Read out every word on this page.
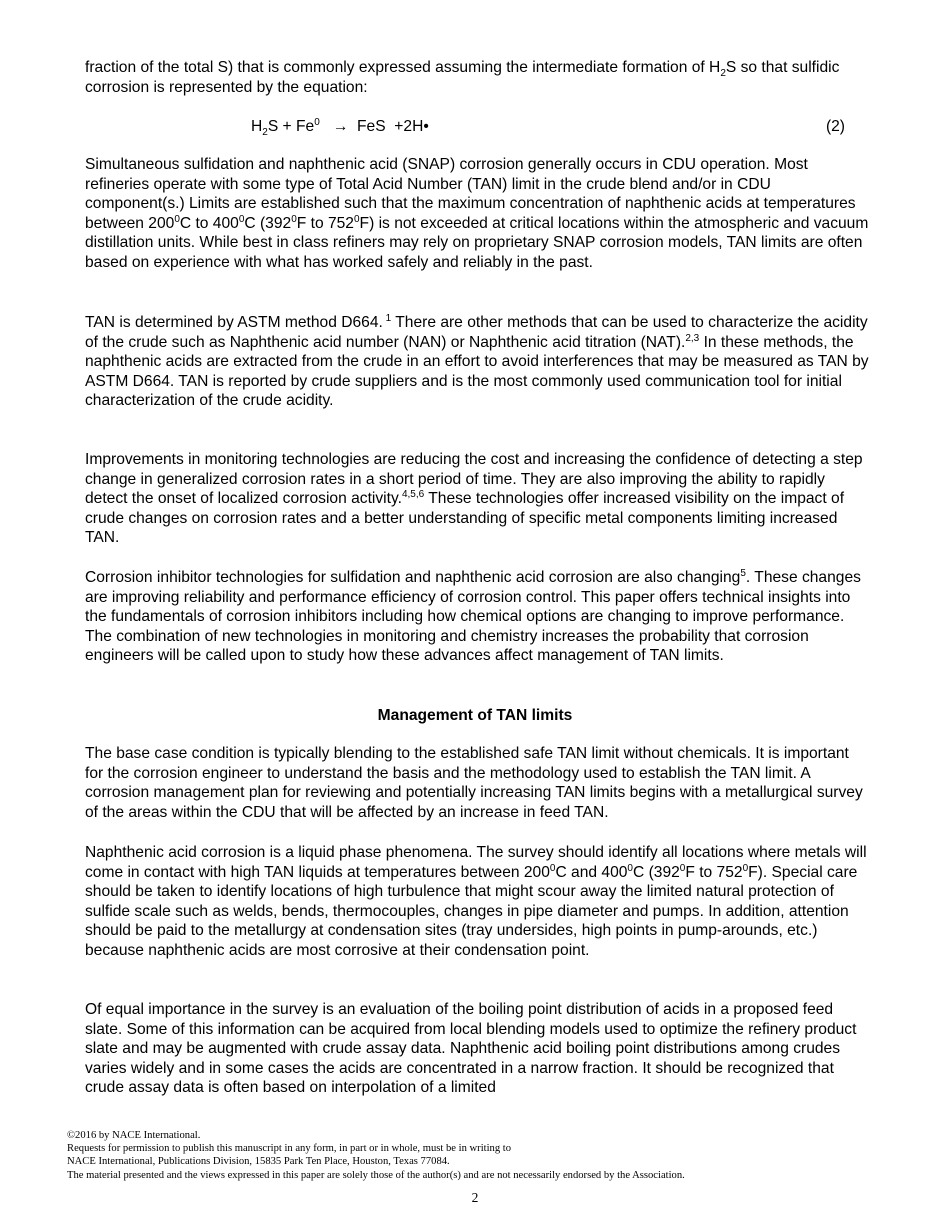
fraction of the total S) that is commonly expressed assuming the intermediate formation of $H_2S$ so that sulfidic corrosion is represented by the equation:

$H_2S + Fe^0$   →  FeS  +2H•	(2)

Simultaneous sulfidation and naphthenic acid (SNAP) corrosion generally occurs in CDU operation. Most refineries operate with some type of Total Acid Number (TAN) limit in the crude blend and/or in CDU component(s.) Limits are established such that the maximum concentration of naphthenic acids at temperatures between $200^0C$ to $400^0C$ ($392^0F$ to $752^0F$) is not exceeded at critical locations within the atmospheric and vacuum distillation units. While best in class refiners may rely on proprietary SNAP corrosion models, TAN limits are often based on experience with what has worked safely and reliably in the past.

TAN is determined by ASTM method D664. $^1$ There are other methods that can be used to characterize the acidity of the crude such as Naphthenic acid number (NAN) or Naphthenic acid titration (NAT).$^{2,3}$ In these methods, the naphthenic acids are extracted from the crude in an effort to avoid interferences that may be measured as TAN by ASTM D664. TAN is reported by crude suppliers and is the most commonly used communication tool for initial characterization of the crude acidity.

Improvements in monitoring technologies are reducing the cost and increasing the confidence of detecting a step change in generalized corrosion rates in a short period of time. They are also improving the ability to rapidly detect the onset of localized corrosion activity.$^{4,5,6}$ These technologies offer increased visibility on the impact of crude changes on corrosion rates and a better understanding of specific metal components limiting increased TAN.

Corrosion inhibitor technologies for sulfidation and naphthenic acid corrosion are also changing$^5$. These changes are improving reliability and performance efficiency of corrosion control. This paper offers technical insights into the fundamentals of corrosion inhibitors including how chemical options are changing to improve performance. The combination of new technologies in monitoring and chemistry increases the probability that corrosion engineers will be called upon to study how these advances affect management of TAN limits.

Management of TAN limits

The base case condition is typically blending to the established safe TAN limit without chemicals. It is important for the corrosion engineer to understand the basis and the methodology used to establish the TAN limit. A corrosion management plan for reviewing and potentially increasing TAN limits begins with a metallurgical survey of the areas within the CDU that will be affected by an increase in feed TAN.

Naphthenic acid corrosion is a liquid phase phenomena. The survey should identify all locations where metals will come in contact with high TAN liquids at temperatures between $200^0C$ and $400^0C$ ($392^0F$ to $752^0F$). Special care should be taken to identify locations of high turbulence that might scour away the limited natural protection of sulfide scale such as welds, bends, thermocouples, changes in pipe diameter and pumps. In addition, attention should be paid to the metallurgy at condensation sites (tray undersides, high points in pump-arounds, etc.) because naphthenic acids are most corrosive at their condensation point.

Of equal importance in the survey is an evaluation of the boiling point distribution of acids in a proposed feed slate. Some of this information can be acquired from local blending models used to optimize the refinery product slate and may be augmented with crude assay data. Naphthenic acid boiling point distributions among crudes varies widely and in some cases the acids are concentrated in a narrow fraction. It should be recognized that crude assay data is often based on interpolation of a limited

©2016 by NACE International.
Requests for permission to publish this manuscript in any form, in part or in whole, must be in writing to
NACE International, Publications Division, 15835 Park Ten Place, Houston, Texas 77084.
The material presented and the views expressed in this paper are solely those of the author(s) and are not necessarily endorsed by the Association.
2
